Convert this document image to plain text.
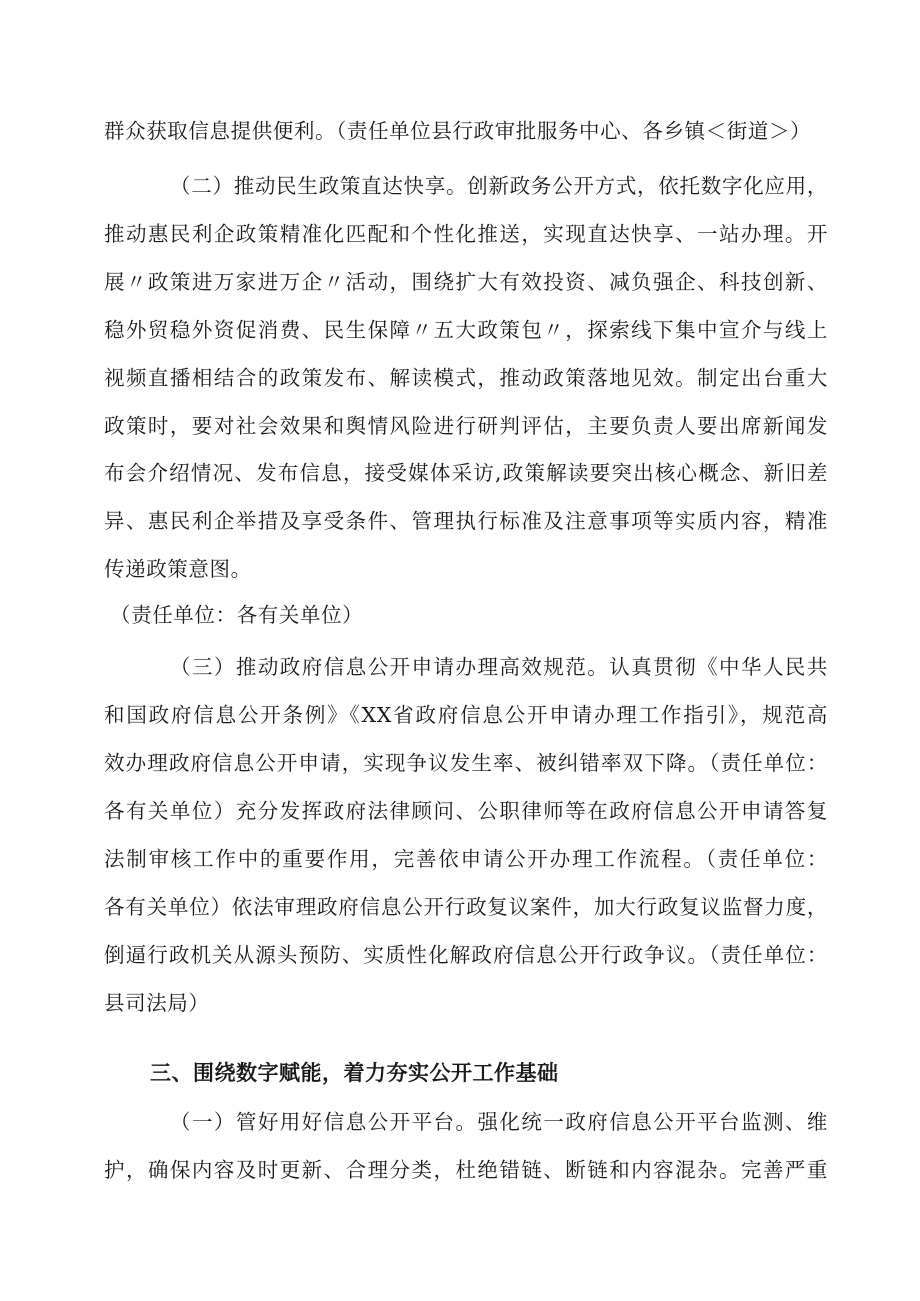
群众获取信息提供便利。（责任单位县行政审批服务中心、各乡镇＜街道＞）
（二）推动民生政策直达快享。创新政务公开方式，依托数字化应用，
推动惠民利企政策精准化匹配和个性化推送，实现直达快享、一站办理。开
展〃政策进万家进万企〃活动，围绕扩大有效投资、减负强企、科技创新、
稳外贸稳外资促消费、民生保障〃五大政策包〃，探索线下集中宣介与线上
视频直播相结合的政策发布、解读模式，推动政策落地见效。制定出台重大
政策时，要对社会效果和舆情风险进行研判评估，主要负责人要出席新闻发
布会介绍情况、发布信息，接受媒体采访,政策解读要突出核心概念、新旧差
异、惠民利企举措及享受条件、管理执行标准及注意事项等实质内容，精准
传递政策意图。
（责任单位：各有关单位）
（三）推动政府信息公开申请办理高效规范。认真贯彻《中华人民共
和国政府信息公开条例》《XX省政府信息公开申请办理工作指引》，规范高
效办理政府信息公开申请，实现争议发生率、被纠错率双下降。（责任单位：
各有关单位）充分发挥政府法律顾问、公职律师等在政府信息公开申请答复
法制审核工作中的重要作用，完善依申请公开办理工作流程。（责任单位：
各有关单位）依法审理政府信息公开行政复议案件，加大行政复议监督力度，
倒逼行政机关从源头预防、实质性化解政府信息公开行政争议。（责任单位：
县司法局）
三、围绕数字赋能，着力夯实公开工作基础
（一）管好用好信息公开平台。强化统一政府信息公开平台监测、维
护，确保内容及时更新、合理分类，杜绝错链、断链和内容混杂。完善严重
